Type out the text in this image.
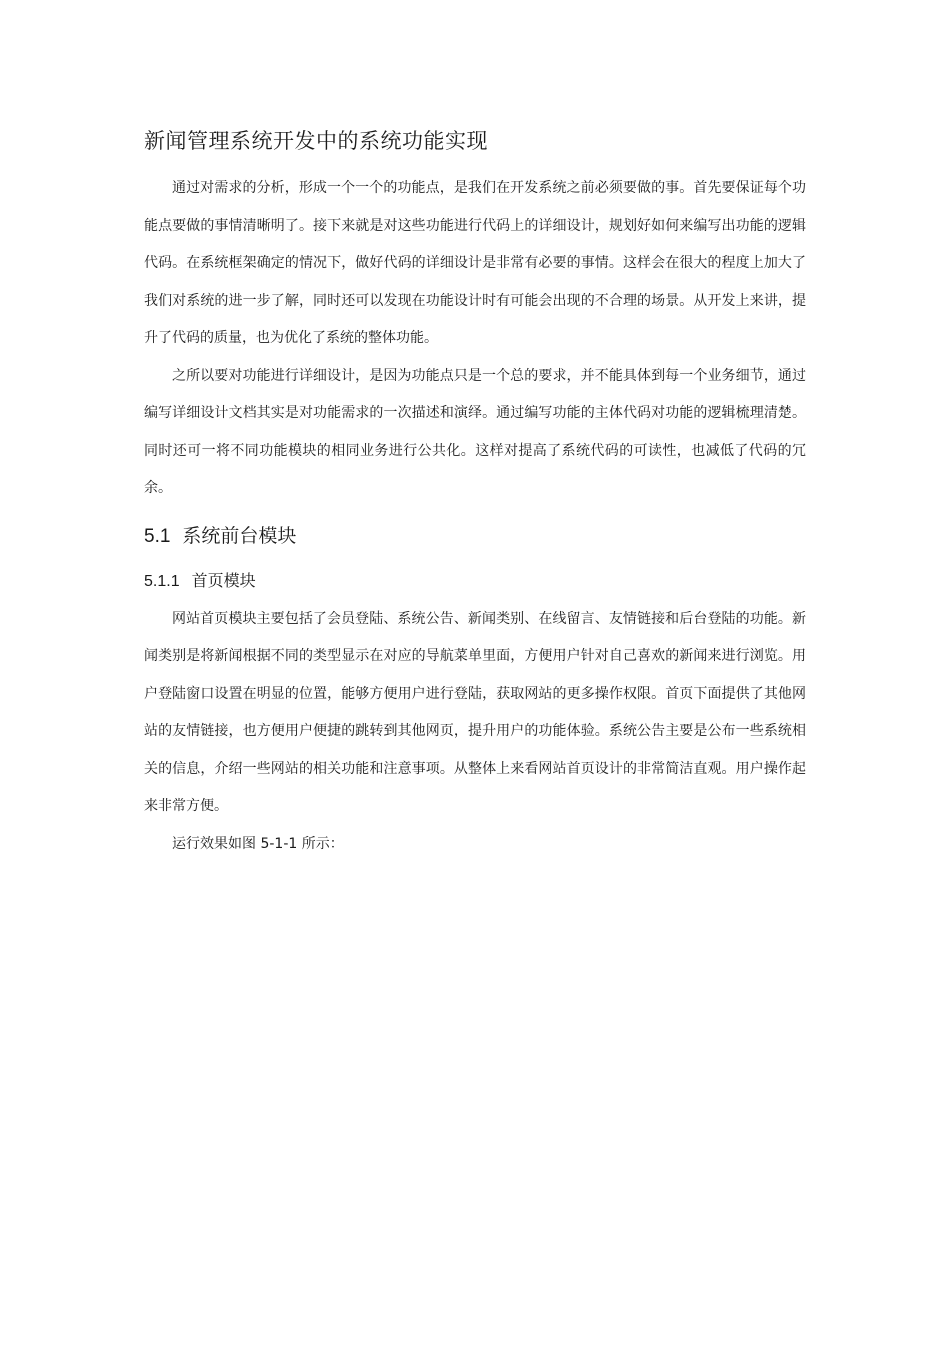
新闻管理系统开发中的系统功能实现

通过对需求的分析，形成一个一个的功能点，是我们在开发系统之前必须要做的事。首先要保证每个功能点要做的事情清晰明了。接下来就是对这些功能进行代码上的详细设计，规划好如何来编写出功能的逻辑代码。在系统框架确定的情况下，做好代码的详细设计是非常有必要的事情。这样会在很大的程度上加大了我们对系统的进一步了解，同时还可以发现在功能设计时有可能会出现的不合理的场景。从开发上来讲，提升了代码的质量，也为优化了系统的整体功能。

之所以要对功能进行详细设计，是因为功能点只是一个总的要求，并不能具体到每一个业务细节，通过编写详细设计文档其实是对功能需求的一次描述和演绎。通过编写功能的主体代码对功能的逻辑梳理清楚。同时还可一将不同功能模块的相同业务进行公共化。这样对提高了系统代码的可读性，也减低了代码的冗余。

5.1 系统前台模块
5.1.1 首页模块

网站首页模块主要包括了会员登陆、系统公告、新闻类别、在线留言、友情链接和后台登陆的功能。新闻类别是将新闻根据不同的类型显示在对应的导航菜单里面，方便用户针对自己喜欢的新闻来进行浏览。用户登陆窗口设置在明显的位置，能够方便用户进行登陆，获取网站的更多操作权限。首页下面提供了其他网站的友情链接，也方便用户便捷的跳转到其他网页，提升用户的功能体验。系统公告主要是公布一些系统相关的信息，介绍一些网站的相关功能和注意事项。从整体上来看网站首页设计的非常简洁直观。用户操作起来非常方便。

运行效果如图 5-1-1 所示：
